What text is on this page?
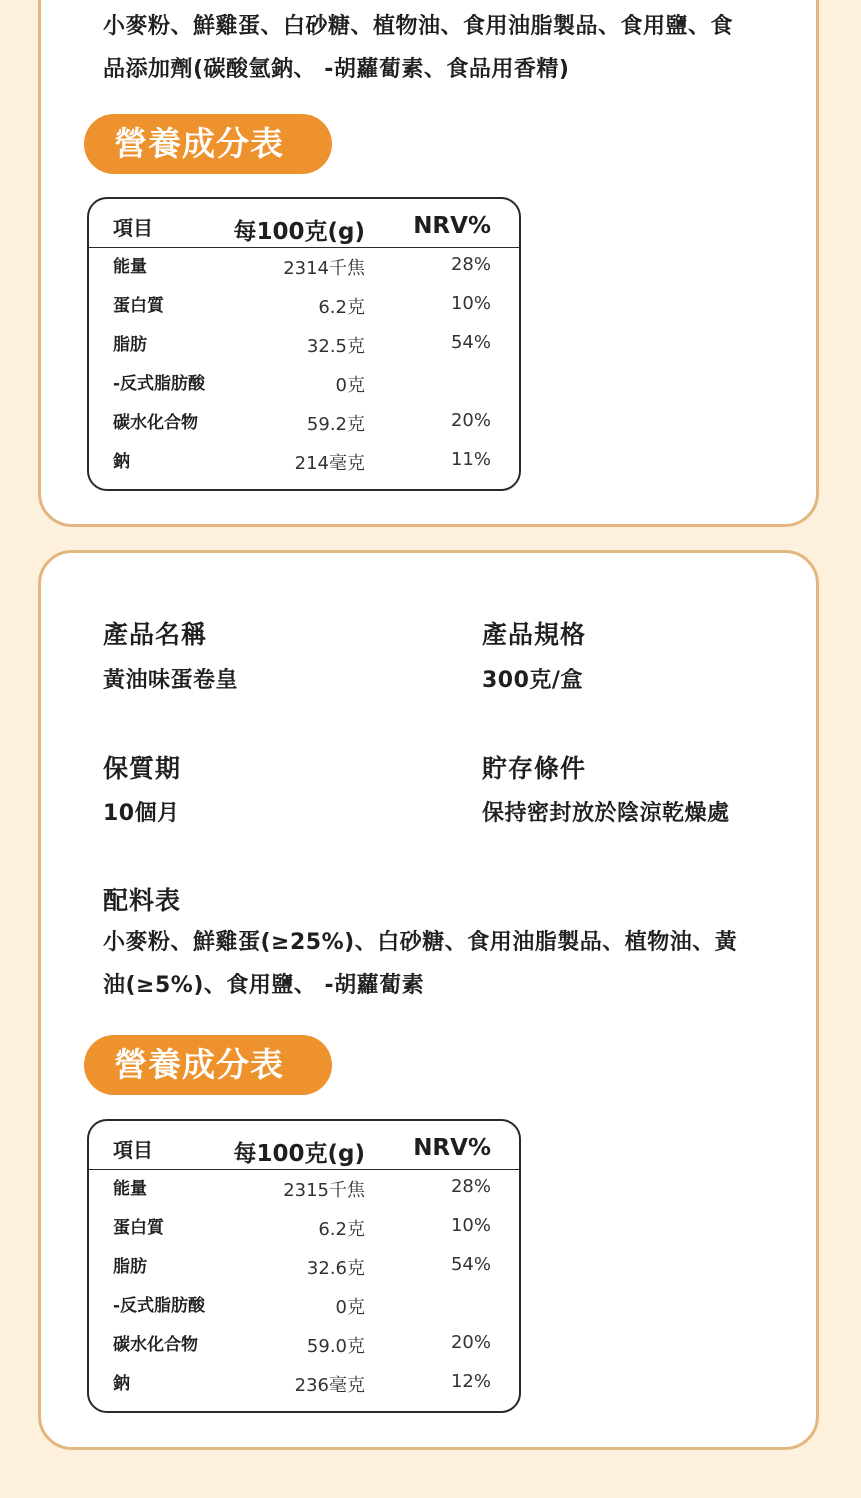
小麥粉、鮮雞蛋、白砂糖、植物油、食用油脂製品、食用鹽、食
品添加劑(碳酸氫鈉、 -胡蘿蔔素、食品用香精)
營養成分表
項目	每100克(g) NRV%
能量	2314千焦	28%
蛋白質	6.2克	10%
脂肪	32.5克	54%
-反式脂肪酸	0克
碳水化合物	59.2克	20%
鈉	214毫克	11%
產品名稱
黃油味蛋卷皇
產品規格
300克/盒
保質期
10個月
貯存條件
保持密封放於陰涼乾燥處
配料表
小麥粉、鮮雞蛋(≥25%)、白砂糖、食用油脂製品、植物油、黃
油(≥5%)、食用鹽、 -胡蘿蔔素
營養成分表
項目	每100克(g) NRV%
能量	2315千焦	28%
蛋白質	6.2克	10%
脂肪	32.6克	54%
-反式脂肪酸	0克
碳水化合物	59.0克	20%
鈉	236毫克	12%
